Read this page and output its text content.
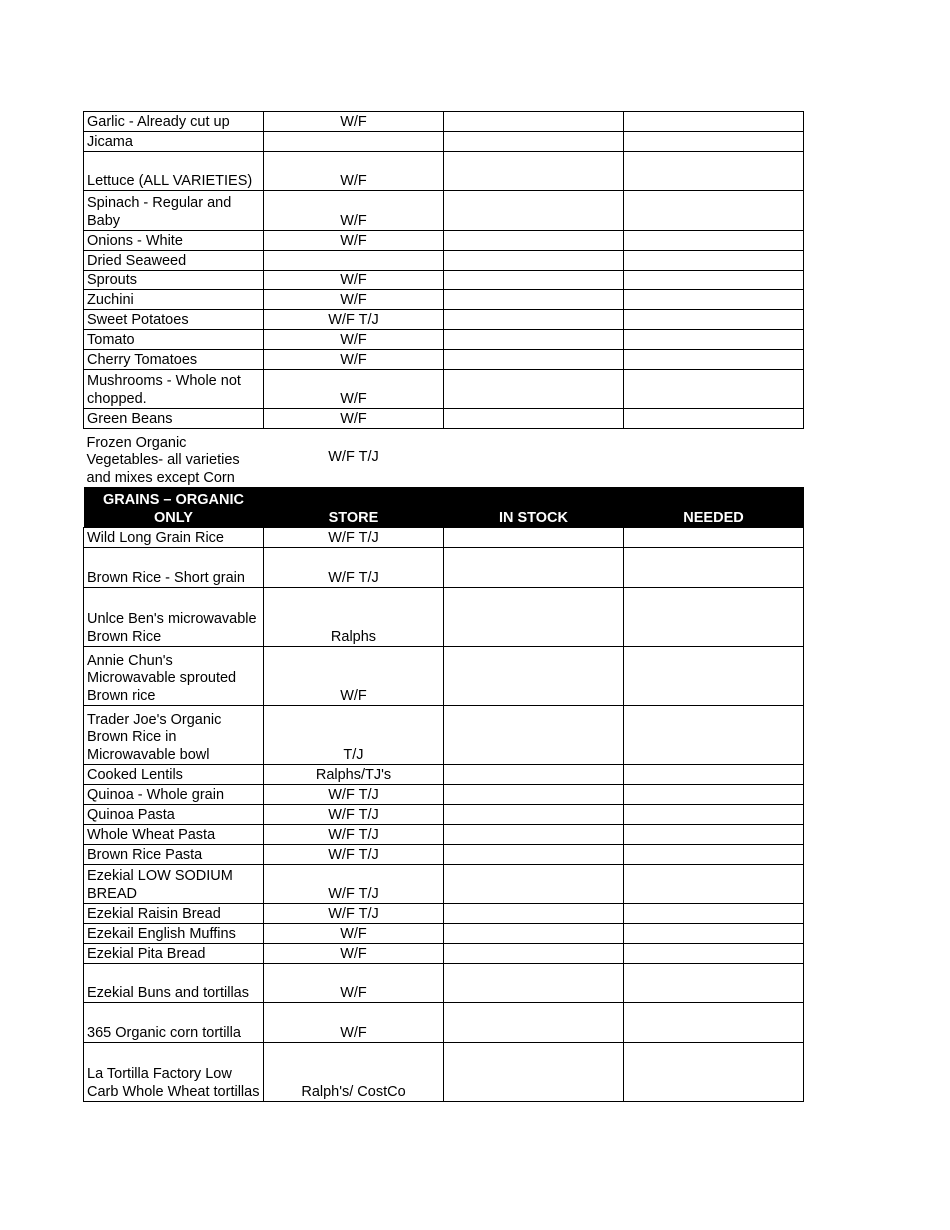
Garlic - Already cut up	W/F		
Jicama			
Lettuce (ALL VARIETIES)	W/F		
Spinach - Regular and Baby	W/F		
Onions - White	W/F		
Dried Seaweed			
Sprouts	W/F		
Zuchini	W/F		
Sweet Potatoes	W/F T/J		
Tomato	W/F		
Cherry Tomatoes	W/F		
Mushrooms - Whole not chopped.	W/F		
Green Beans	W/F		
Frozen Organic Vegetables- all varieties and mixes except Corn	W/F T/J		
GRAINS – ORGANIC ONLY	STORE	IN STOCK	NEEDED
Wild Long Grain Rice	W/F T/J		
Brown Rice - Short grain	W/F T/J		
Unlce Ben's microwavable Brown Rice	Ralphs		
Annie Chun's Microwavable sprouted Brown rice	W/F		
Trader Joe's Organic Brown Rice in Microwavable bowl	T/J		
Cooked Lentils	Ralphs/TJ's		
Quinoa - Whole grain	W/F T/J		
Quinoa Pasta	W/F T/J		
Whole Wheat Pasta	W/F T/J		
Brown Rice Pasta	W/F T/J		
Ezekial LOW SODIUM BREAD	W/F T/J		
Ezekial Raisin Bread	W/F T/J		
Ezekail English Muffins	W/F		
Ezekial Pita Bread	W/F		
Ezekial Buns and tortillas	W/F		
365 Organic corn tortilla	W/F		
La Tortilla Factory Low Carb Whole Wheat tortillas	Ralph's/ CostCo		
